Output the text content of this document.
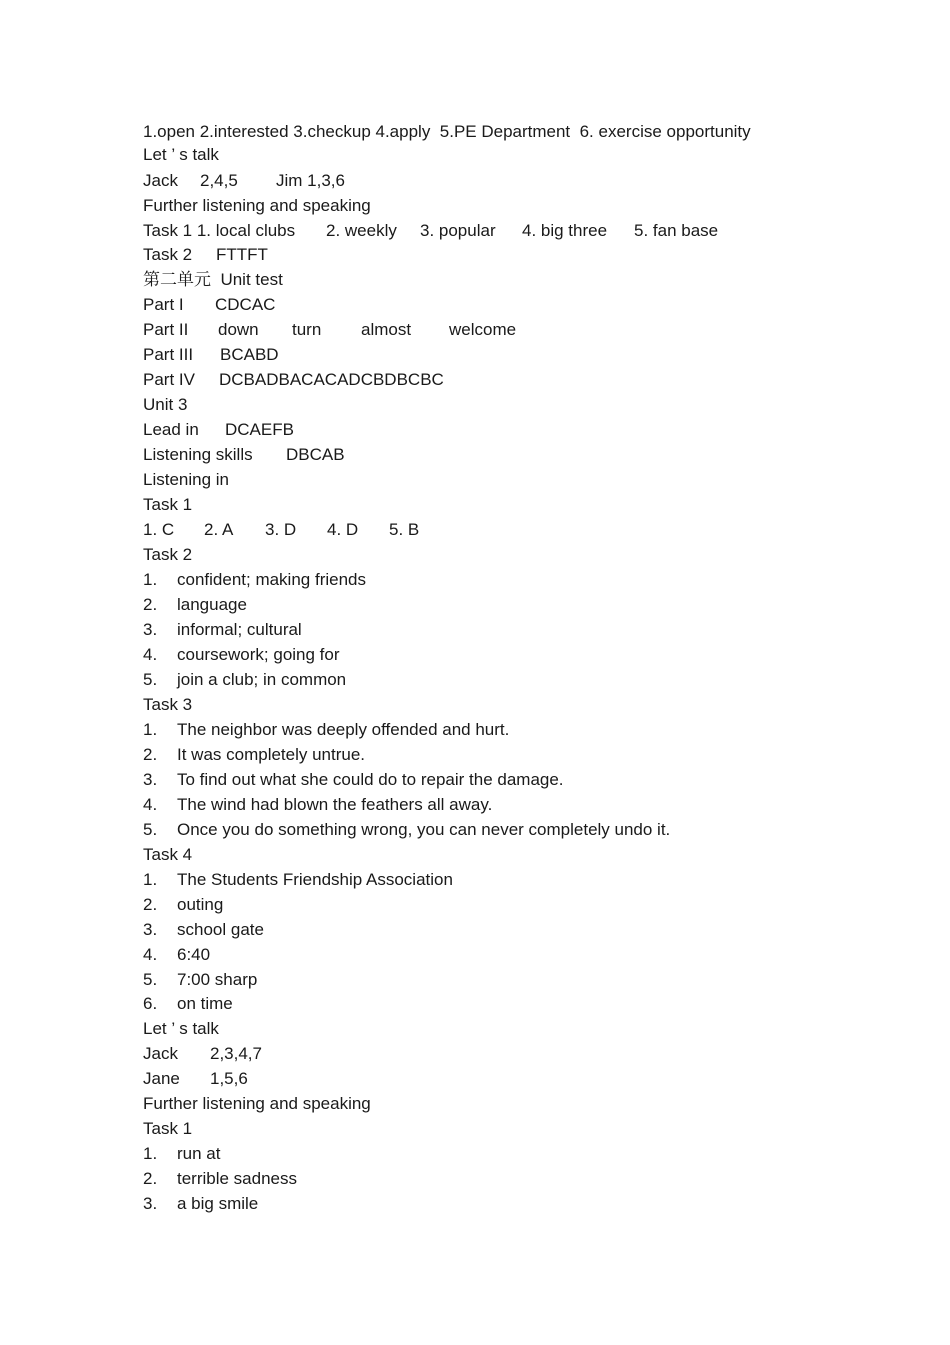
1.open 2.interested 3.checkup 4.apply  5.PE Department  6. exercise opportunity
Let ’ s talk
Jack 2,4,5 Jim 1,3,6
Further listening and speaking
Task 1 1. local clubs 2. weekly 3. popular 4. big three 5. fan base
Task 2 FTTFT
第二单元  Unit test
Part I CDCAC
Part II down turn almost welcome
Part III BCABD
Part IV DCBADBACACADCBDBCBC
Unit 3
Lead in DCAEFB
Listening skills DBCAB
Listening in
Task 1
1. C 2. A 3. D 4. D 5. B
Task 2
1. confident; making friends
2. language
3. informal; cultural
4. coursework; going for
5. join a club; in common
Task 3
1. The neighbor was deeply offended and hurt.
2. It was completely untrue.
3. To find out what she could do to repair the damage.
4. The wind had blown the feathers all away.
5. Once you do something wrong, you can never completely undo it.
Task 4
1. The Students Friendship Association
2. outing
3. school gate
4. 6:40
5. 7:00 sharp
6. on time
Let ’ s talk
Jack 2,3,4,7
Jane 1,5,6
Further listening and speaking
Task 1
1. run at
2. terrible sadness
3. a big smile
